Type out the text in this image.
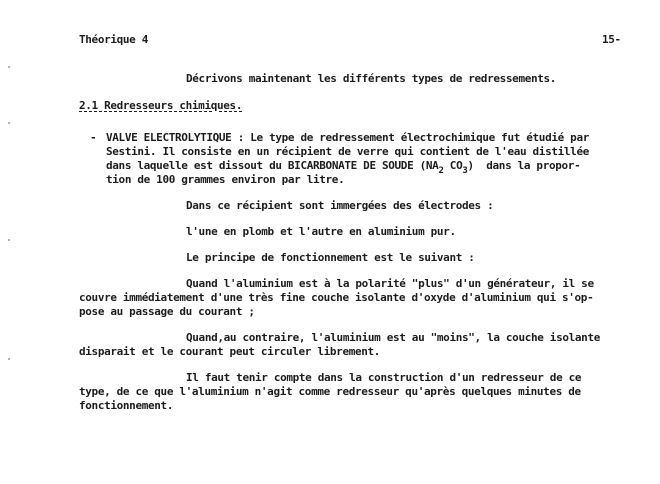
Théorique 4	15-
Décrivons maintenant les différents types de redressements.
2.1 Redresseurs chimiques.
- VALVE ELECTROLYTIQUE : Le type de redressement électrochimique fut étudié par
Sestini. Il consiste en un récipient de verre qui contient de l'eau distillée
dans laquelle est dissout du BICARBONATE DE SOUDE ($NA_2$ $CO_3$)  dans la propor-
tion de 100 grammes environ par litre.
Dans ce récipient sont immergées des électrodes :
l'une en plomb et l'autre en aluminium pur.
Le principe de fonctionnement est le suivant :
Quand l'aluminium est à la polarité "plus" d'un générateur, il se
couvre immédiatement d'une très fine couche isolante d'oxyde d'aluminium qui s'op-
pose au passage du courant ;
Quand,au contraire, l'aluminium est au "moins", la couche isolante
disparait et le courant peut circuler librement.
Il faut tenir compte dans la construction d'un redresseur de ce
type, de ce que l'aluminium n'agit comme redresseur qu'après quelques minutes de
fonctionnement.
